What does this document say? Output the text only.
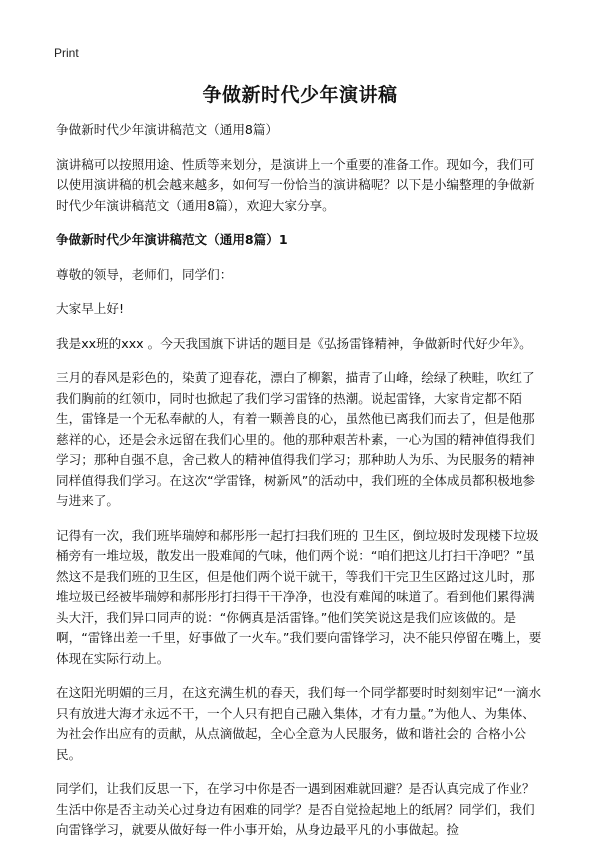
Print
争做新时代少年演讲稿

争做新时代少年演讲稿范文（通用8篇）

演讲稿可以按照用途、性质等来划分，是演讲上一个重要的准备工作。现如今，我们可以使用演讲稿的机会越来越多，如何写一份恰当的演讲稿呢？以下是小编整理的争做新时代少年演讲稿范文（通用8篇），欢迎大家分享。

争做新时代少年演讲稿范文（通用8篇）1

尊敬的领导，老师们，同学们：

大家早上好!

我是xx班的xxx 。今天我国旗下讲话的题目是《弘扬雷锋精神，争做新时代好少年》。

三月的春风是彩色的，染黄了迎春花，漂白了柳絮，描青了山峰，绘绿了秧畦，吹红了我们胸前的红领巾，同时也掀起了我们学习雷锋的热潮。说起雷锋，大家肯定都不陌生，雷锋是一个无私奉献的人，有着一颗善良的心，虽然他已离我们而去了，但是他那慈祥的心，还是会永远留在我们心里的。他的那种艰苦朴素，一心为国的精神值得我们学习；那种自强不息，舍己救人的精神值得我们学习；那种助人为乐、为民服务的精神同样值得我们学习。在这次“学雷锋，树新风”的活动中，我们班的全体成员都积极地参与进来了。

记得有一次，我们班毕瑞婷和郝彤彤一起打扫我们班的 卫生区，倒垃圾时发现楼下垃圾桶旁有一堆垃圾，散发出一股难闻的气味，他们两个说：“咱们把这儿打扫干净吧？”虽然这不是我们班的卫生区，但是他们两个说干就干，等我们干完卫生区路过这儿时，那堆垃圾已经被毕瑞婷和郝彤彤打扫得干干净净，也没有难闻的味道了。看到他们累得满头大汗，我们异口同声的说：“你俩真是活雷锋。”他们笑笑说这是我们应该做的。是啊，“雷锋出差一千里，好事做了一火车。”我们要向雷锋学习，决不能只停留在嘴上，要体现在实际行动上。

在这阳光明媚的三月，在这充满生机的春天，我们每一个同学都要时时刻刻牢记“一滴水只有放进大海才永远不干，一个人只有把自己融入集体，才有力量。”为他人、为集体、为社会作出应有的贡献，从点滴做起，全心全意为人民服务，做和谐社会的 合格小公民。

同学们，让我们反思一下，在学习中你是否一遇到困难就回避？是否认真完成了作业？生活中你是否主动关心过身边有困难的同学？是否自觉捡起地上的纸屑？同学们，我们向雷锋学习，就要从做好每一件小事开始，从身边最平凡的小事做起。捡
